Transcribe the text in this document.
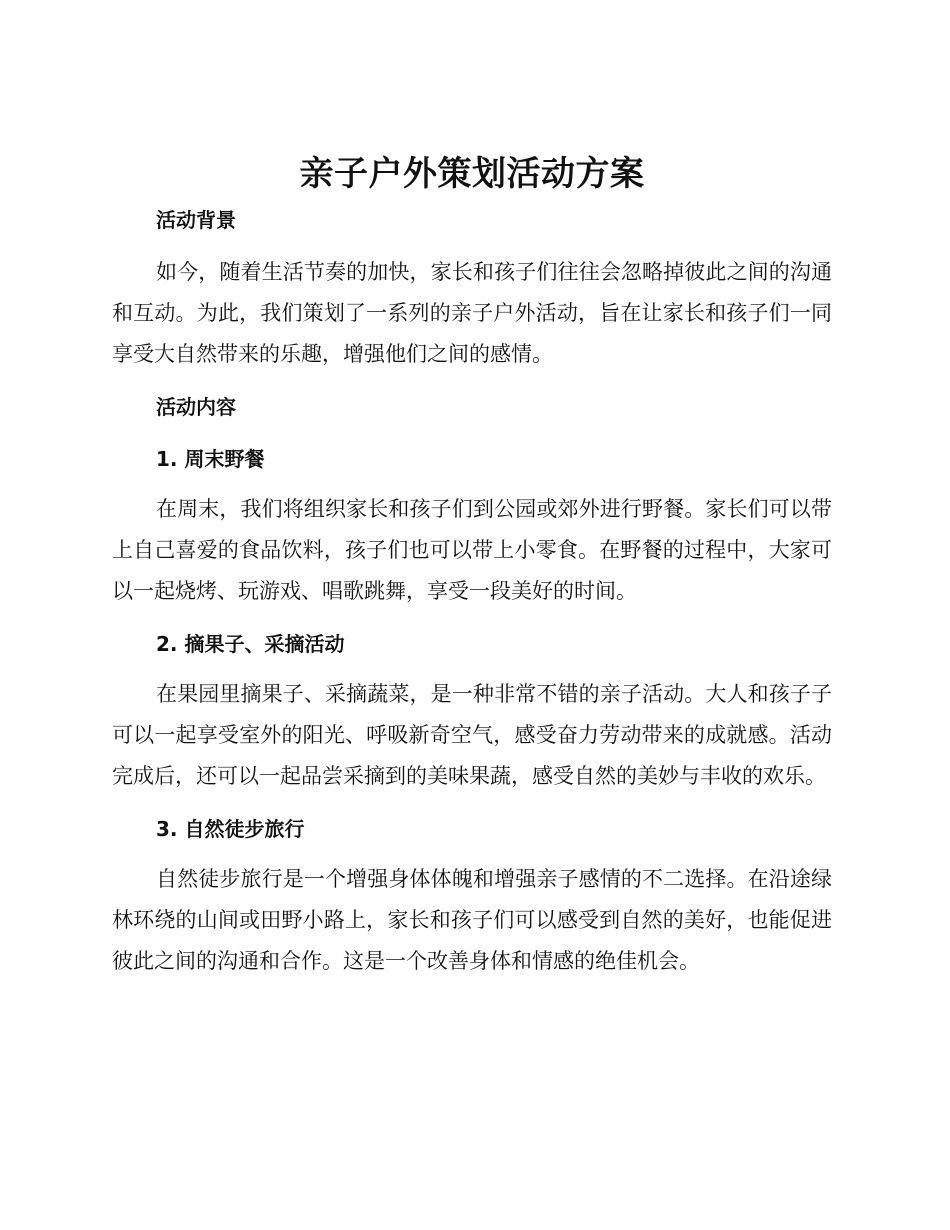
亲子户外策划活动方案
活动背景

如今，随着生活节奏的加快，家长和孩子们往往会忽略掉彼此之间的沟通和互动。为此，我们策划了一系列的亲子户外活动，旨在让家长和孩子们一同享受大自然带来的乐趣，增强他们之间的感情。

活动内容
1. 周末野餐

在周末，我们将组织家长和孩子们到公园或郊外进行野餐。家长们可以带上自己喜爱的食品饮料，孩子们也可以带上小零食。在野餐的过程中，大家可以一起烧烤、玩游戏、唱歌跳舞，享受一段美好的时间。

2. 摘果子、采摘活动

在果园里摘果子、采摘蔬菜，是一种非常不错的亲子活动。大人和孩子子可以一起享受室外的阳光、呼吸新奇空气，感受奋力劳动带来的成就感。活动完成后，还可以一起品尝采摘到的美味果蔬，感受自然的美妙与丰收的欢乐。

3. 自然徒步旅行

自然徒步旅行是一个增强身体体魄和增强亲子感情的不二选择。在沿途绿林环绕的山间或田野小路上，家长和孩子们可以感受到自然的美好，也能促进彼此之间的沟通和合作。这是一个改善身体和情感的绝佳机会。
